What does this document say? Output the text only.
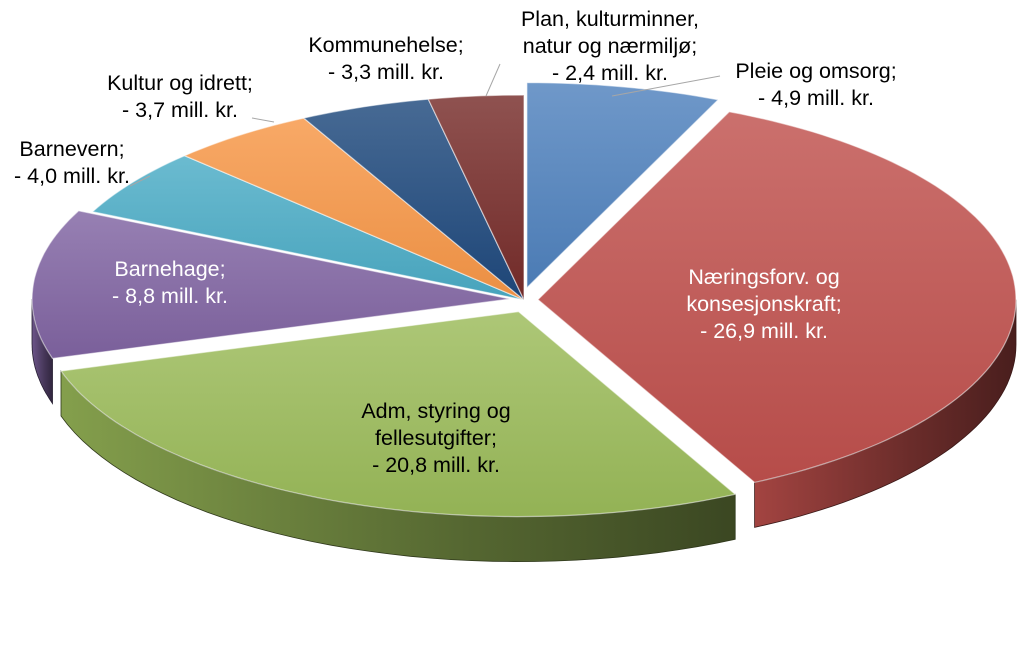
Pleie og omsorg; - 4,9 mill. kr.
Næringsforv. og konsesjonskraft; - 26,9 mill. kr.
Adm, styring og fellesutgifter; - 20,8 mill. kr.
Barnehage; - 8,8 mill. kr.
Barnevern; - 4,0 mill. kr.
Kultur og idrett; - 3,7 mill. kr.
Kommunehelse; - 3,3 mill. kr.
Plan, kulturminner, natur og nærmiljø; - 2,4 mill. kr.
